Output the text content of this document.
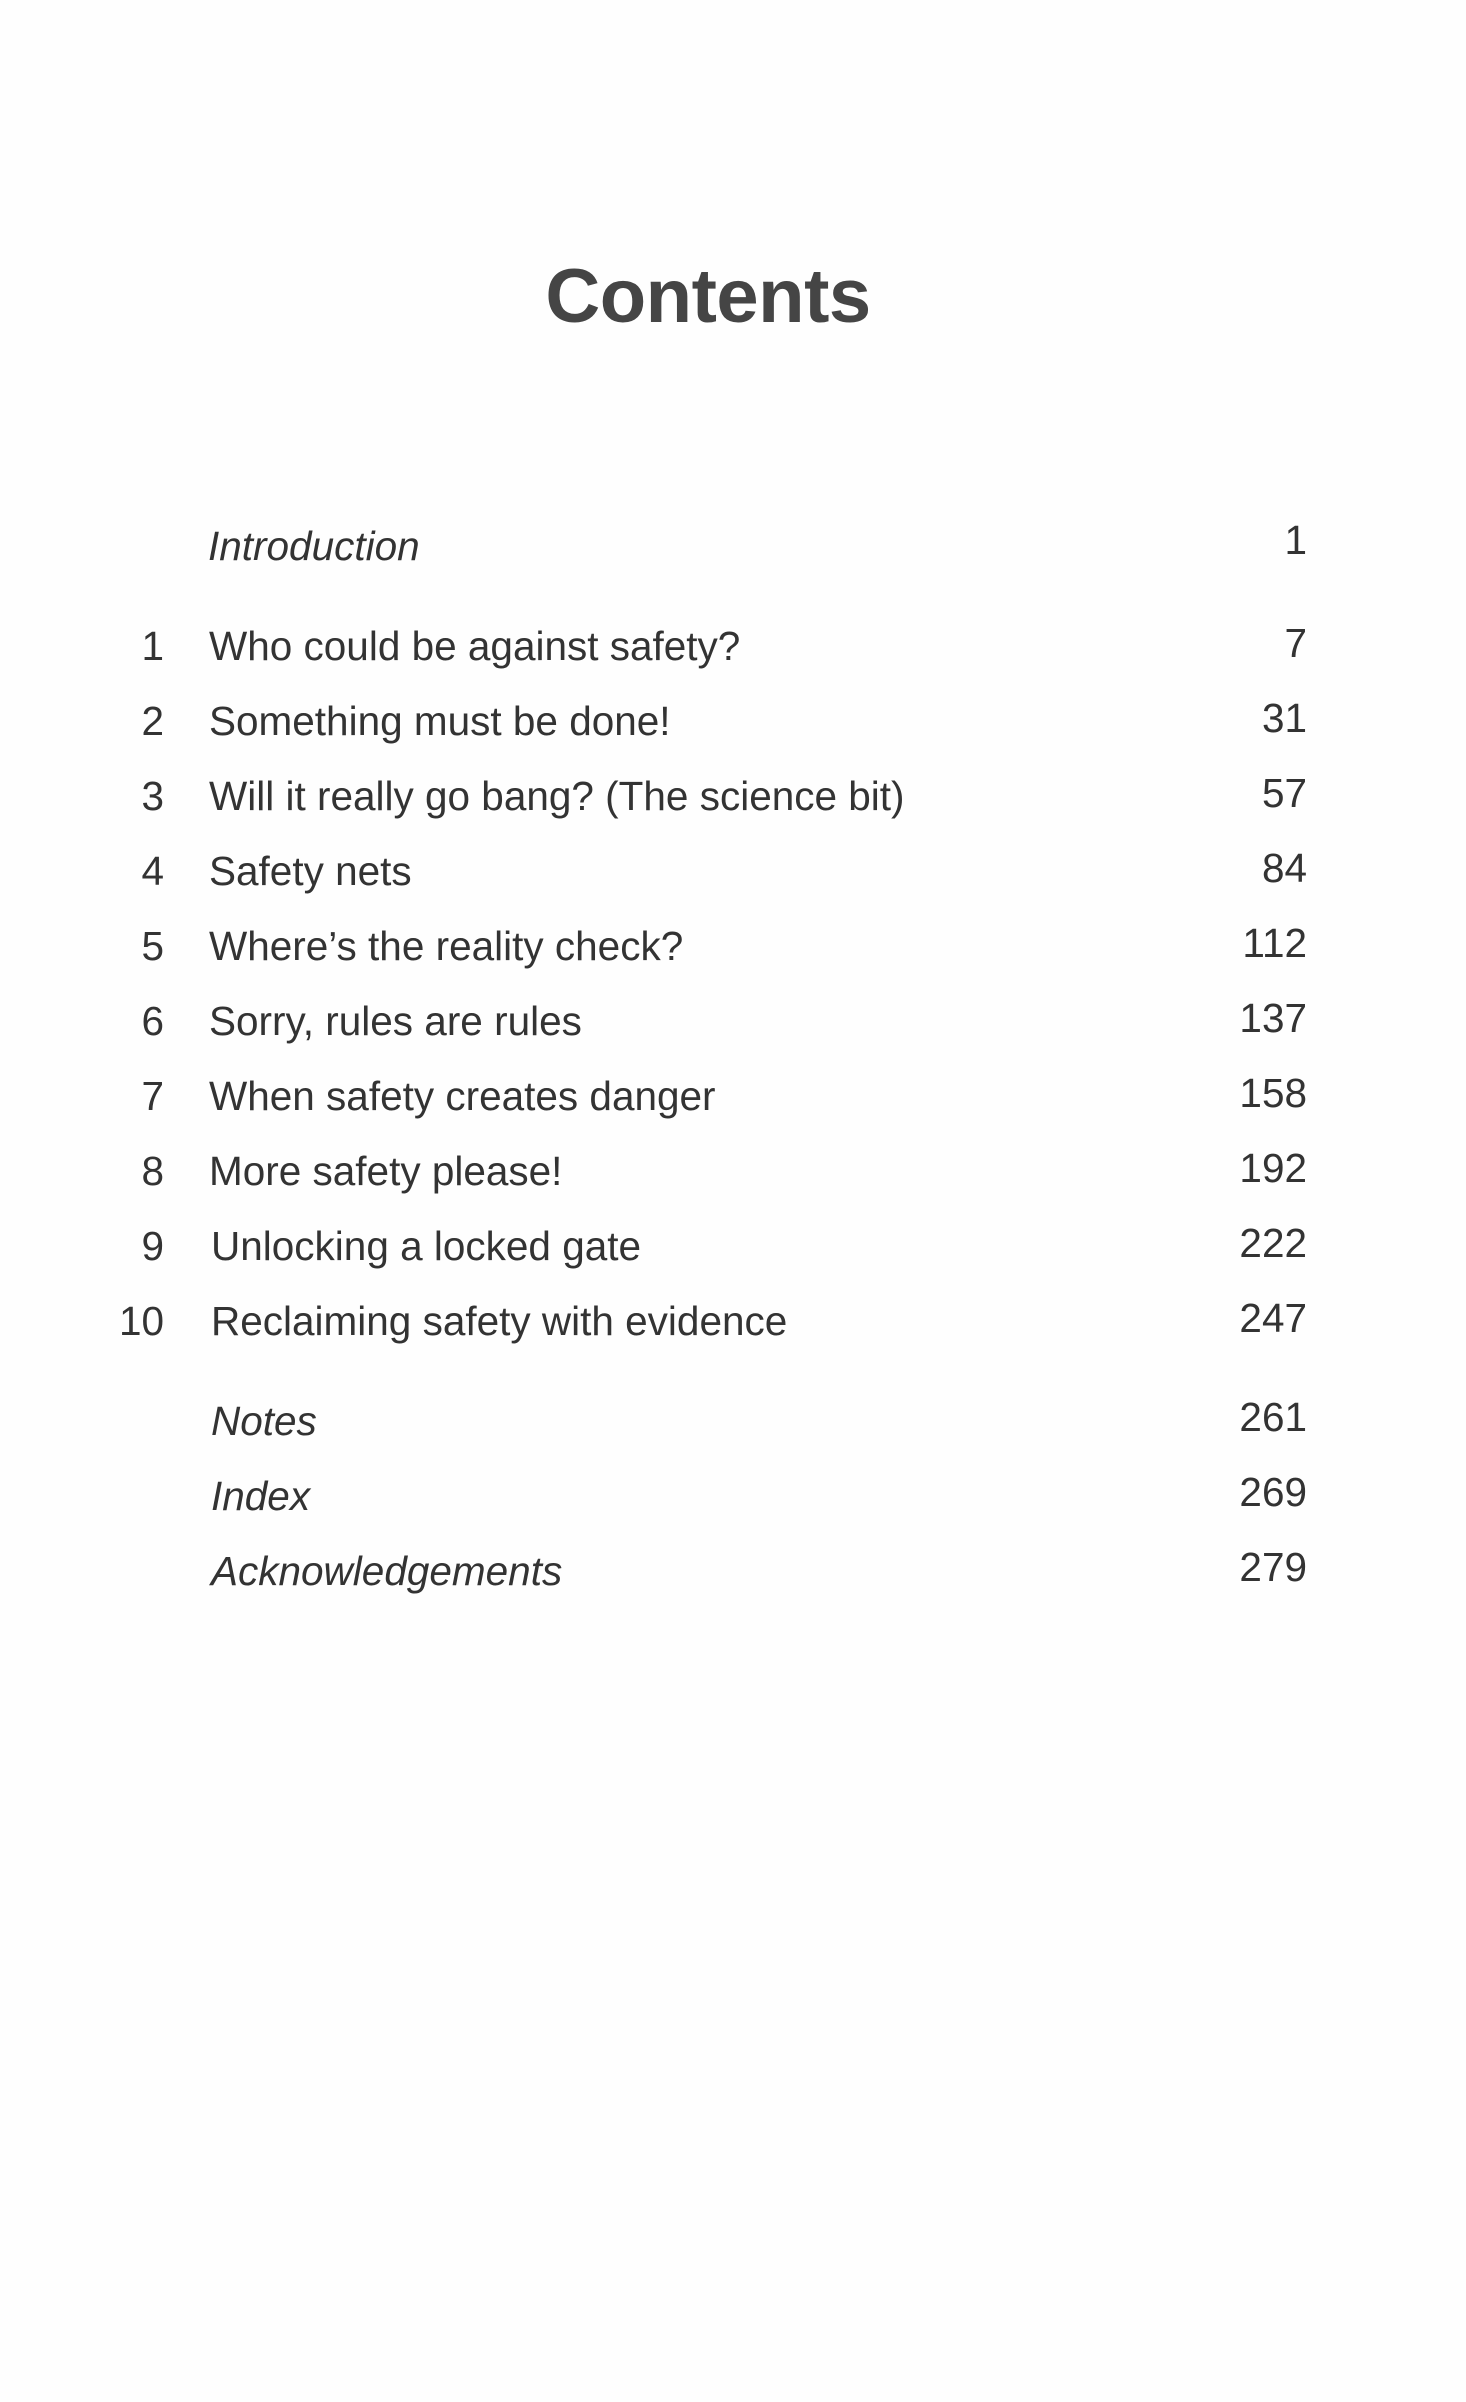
Contents
Introduction	1
1 Who could be against safety?	7
2 Something must be done!	31
3 Will it really go bang? (The science bit)	57
4 Safety nets	84
5 Where’s the reality check?	112
6 Sorry, rules are rules	137
7 When safety creates danger	158
8 More safety please!	192
9 Unlocking a locked gate	222
10 Reclaiming safety with evidence	247
Notes	261
Index	269
Acknowledgements	279
